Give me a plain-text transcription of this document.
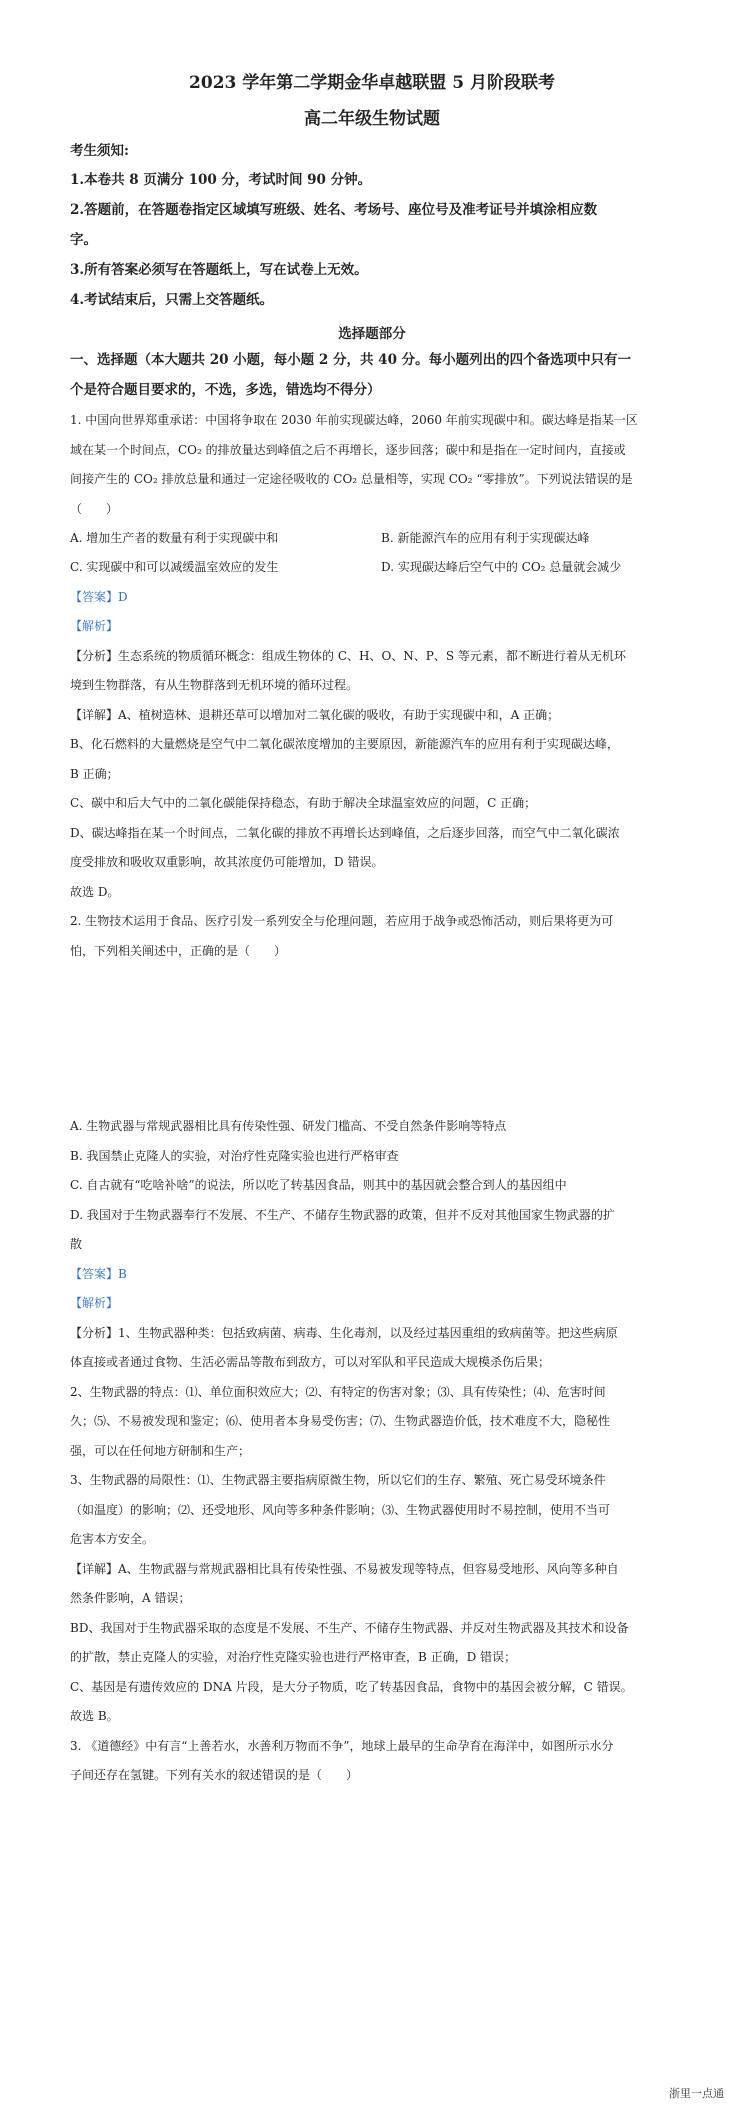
2023 学年第二学期金华卓越联盟 5 月阶段联考
高二年级生物试题
考生须知:
1.本卷共 8 页满分 100 分，考试时间 90 分钟。
2.答题前，在答题卷指定区域填写班级、姓名、考场号、座位号及准考证号并填涂相应数
字。
3.所有答案必须写在答题纸上，写在试卷上无效。
4.考试结束后，只需上交答题纸。
选择题部分
一、选择题（本大题共 20 小题，每小题 2 分，共 40 分。每小题列出的四个备选项中只有一
个是符合题目要求的，不选，多选，错选均不得分）
1. 中国向世界郑重承诺：中国将争取在 2030 年前实现碳达峰，2060 年前实现碳中和。碳达峰是指某一区
域在某一个时间点，CO₂ 的排放量达到峰值之后不再增长，逐步回落；碳中和是指在一定时间内，直接或
间接产生的 CO₂ 排放总量和通过一定途径吸收的 CO₂ 总量相等，实现 CO₂ “零排放”。下列说法错误的是
（　　）
A. 增加生产者的数量有利于实现碳中和	B. 新能源汽车的应用有利于实现碳达峰
C. 实现碳中和可以减缓温室效应的发生	D. 实现碳达峰后空气中的 CO₂ 总量就会减少
【答案】D
【解析】
【分析】生态系统的物质循环概念：组成生物体的 C、H、O、N、P、S 等元素，都不断进行着从无机环
境到生物群落，有从生物群落到无机环境的循环过程。
【详解】A、植树造林、退耕还草可以增加对二氧化碳的吸收，有助于实现碳中和，A 正确；
B、化石燃料的大量燃烧是空气中二氧化碳浓度增加的主要原因，新能源汽车的应用有利于实现碳达峰，
B 正确；
C、碳中和后大气中的二氧化碳能保持稳态，有助于解决全球温室效应的问题，C 正确；
D、碳达峰指在某一个时间点，二氧化碳的排放不再增长达到峰值，之后逐步回落，而空气中二氧化碳浓
度受排放和吸收双重影响，故其浓度仍可能增加，D 错误。
故选 D。
2. 生物技术运用于食品、医疗引发一系列安全与伦理问题，若应用于战争或恐怖活动，则后果将更为可
怕，下列相关阐述中，正确的是（　　）
A. 生物武器与常规武器相比具有传染性强、研发门槛高、不受自然条件影响等特点
B. 我国禁止克隆人的实验，对治疗性克隆实验也进行严格审查
C. 自古就有“吃啥补啥”的说法，所以吃了转基因食品，则其中的基因就会整合到人的基因组中
D. 我国对于生物武器奉行不发展、不生产、不储存生物武器的政策，但并不反对其他国家生物武器的扩
散
【答案】B
【解析】
【分析】1、生物武器种类：包括致病菌、病毒、生化毒剂，以及经过基因重组的致病菌等。把这些病原
体直接或者通过食物、生活必需品等散布到敌方，可以对军队和平民造成大规模杀伤后果；
2、生物武器的特点：⑴、单位面积效应大；⑵、有特定的伤害对象；⑶、具有传染性；⑷、危害时间
久；⑸、不易被发现和鉴定；⑹、使用者本身易受伤害；⑺、生物武器造价低，技术难度不大，隐秘性
强，可以在任何地方研制和生产；
3、生物武器的局限性：⑴、生物武器主要指病原微生物，所以它们的生存、繁殖、死亡易受环境条件
（如温度）的影响；⑵、还受地形、风向等多种条件影响；⑶、生物武器使用时不易控制，使用不当可
危害本方安全。
【详解】A、生物武器与常规武器相比具有传染性强、不易被发现等特点，但容易受地形、风向等多种自
然条件影响，A 错误；
BD、我国对于生物武器采取的态度是不发展、不生产、不储存生物武器、并反对生物武器及其技术和设备
的扩散，禁止克隆人的实验，对治疗性克隆实验也进行严格审查，B 正确，D 错误；
C、基因是有遗传效应的 DNA 片段，是大分子物质，吃了转基因食品，食物中的基因会被分解，C 错误。
故选 B。
3. 《道德经》中有言“上善若水，水善利万物而不争”，地球上最早的生命孕育在海洋中，如图所示水分
子间还存在氢键。下列有关水的叙述错误的是（　　）
浙里一点通
